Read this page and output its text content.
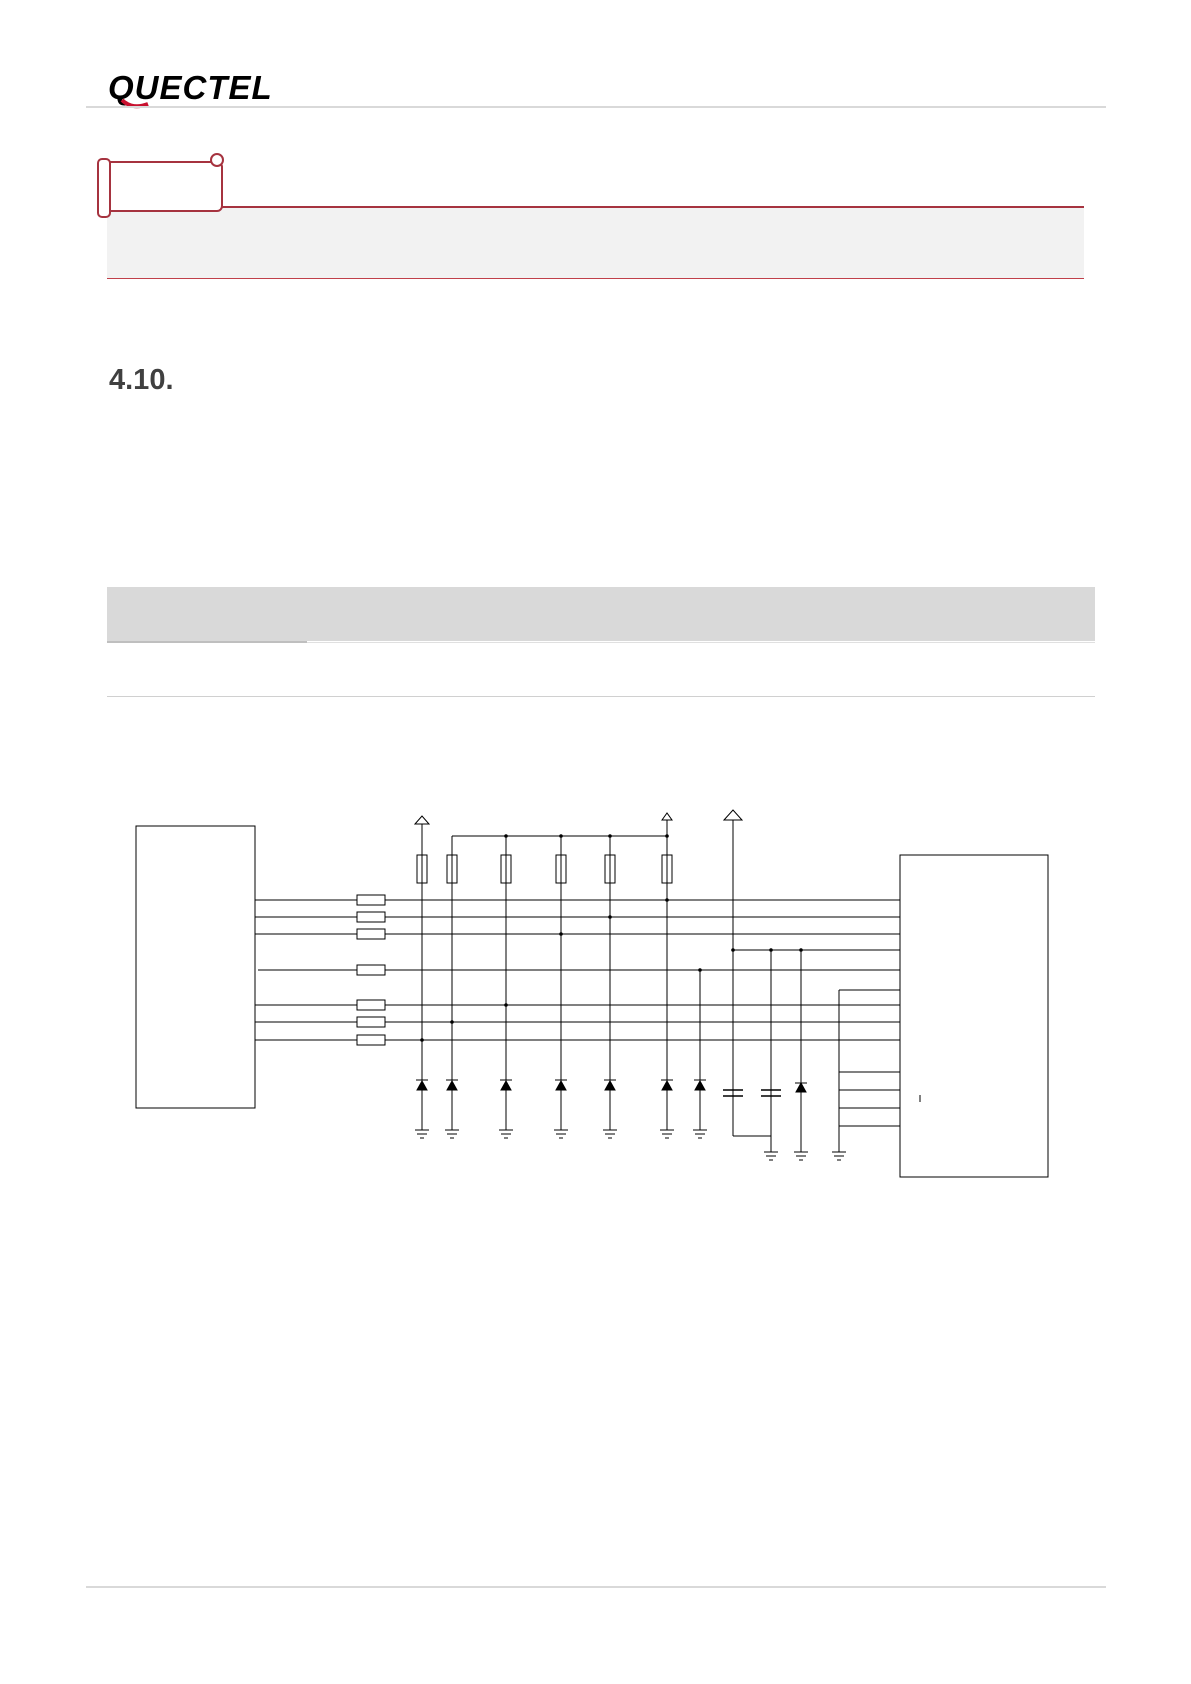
QUECTEL
4.10.
